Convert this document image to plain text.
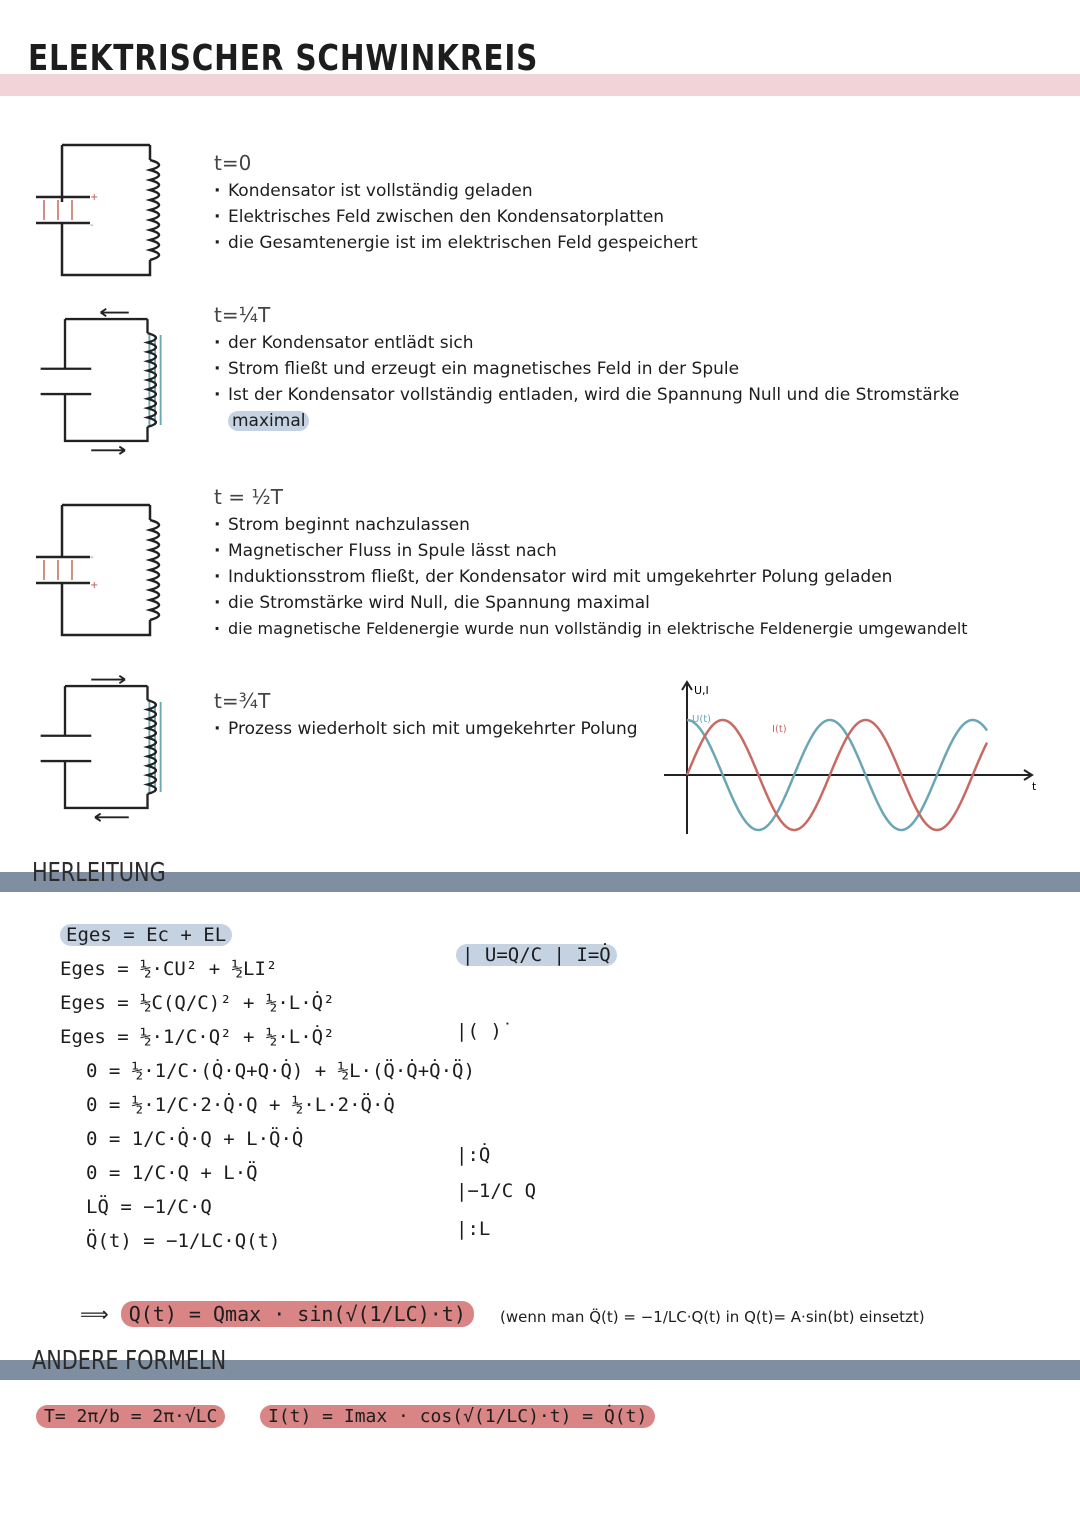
ELEKTRISCHER SCHWINKREIS
+
-
-
+
t=0
· Kondensator ist vollständig geladen
· Elektrisches Feld zwischen den Kondensatorplatten
· die Gesamtenergie ist im elektrischen Feld gespeichert
t=¼T
· der Kondensator entlädt sich
· Strom fließt und erzeugt ein magnetisches Feld in der Spule
· Ist der Kondensator vollständig entladen, wird die Spannung Null und die Stromstärke
maximal
t = ½T
· Strom beginnt nachzulassen
· Magnetischer Fluss in Spule lässt nach
· Induktionsstrom fließt, der Kondensator wird mit umgekehrter Polung geladen
· die Stromstärke wird Null, die Spannung maximal
· die magnetische Feldenergie wurde nun vollständig in elektrische Feldenergie umgewandelt
t=¾T
· Prozess wiederholt sich mit umgekehrter Polung
U,I
t
U(t)
I(t)
HERLEITUNG
Eges = Ec + EL
Eges = ½·CU² + ½LI²
Eges = ½C(Q/C)² + ½·L·Q̇²
Eges = ½·1/C·Q² + ½·L·Q̇²
0 = ½·1/C·(Q̇·Q+Q·Q̇) + ½L·(Q̈·Q̇+Q̇·Q̈)
0 = ½·1/C·2·Q̇·Q + ½·L·2·Q̈·Q̇
0 = 1/C·Q̇·Q + L·Q̈·Q̇
0 = 1/C·Q + L·Q̈
LQ̈ = −1/C·Q
Q̈(t) = −1/LC·Q(t)
| U=Q/C | I=Q̇
|( )˙
|:Q̇
|−1/C Q
|:L
⟹ Q(t) = Qmax · sin(√(1/LC)·t)	(wenn man Q̈(t) = −1/LC·Q(t) in Q(t)= A·sin(bt) einsetzt)
ANDERE FORMELN
T= 2π/b = 2π·√LC	I(t) = Imax · cos(√(1/LC)·t) = Q̇(t)
